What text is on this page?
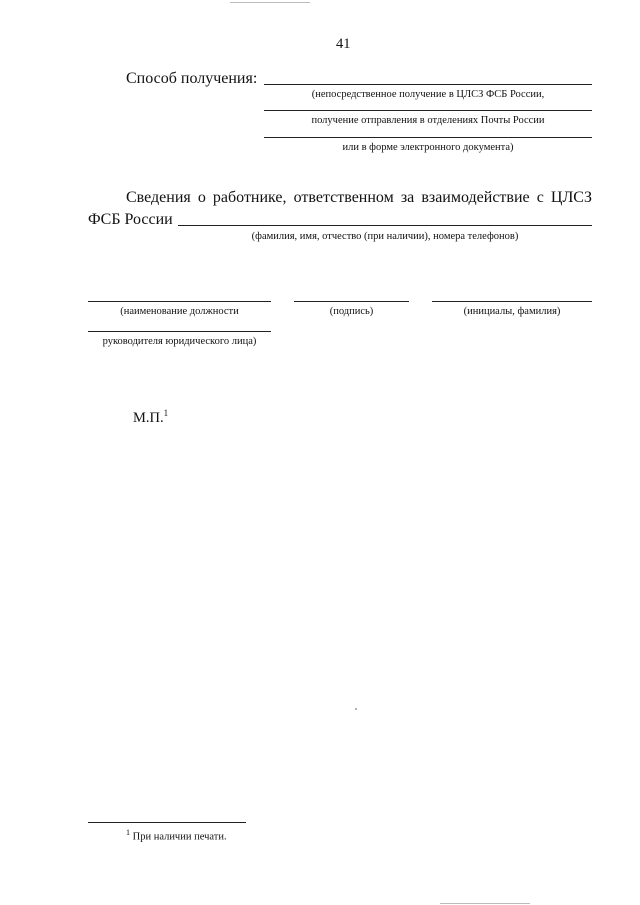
41
Способ получения:
(непосредственное получение в ЦЛСЗ ФСБ России,
получение отправления в отделениях Почты России
или в форме электронного документа)
Сведения о работнике, ответственном за взаимодействие с ЦЛСЗ
ФСБ России
(фамилия, имя, отчество (при наличии), номера телефонов)
(наименование должности	(подпись)	(инициалы, фамилия)
руководителя юридического лица)
М.П.$^1$
$^1$ При наличии печати.
